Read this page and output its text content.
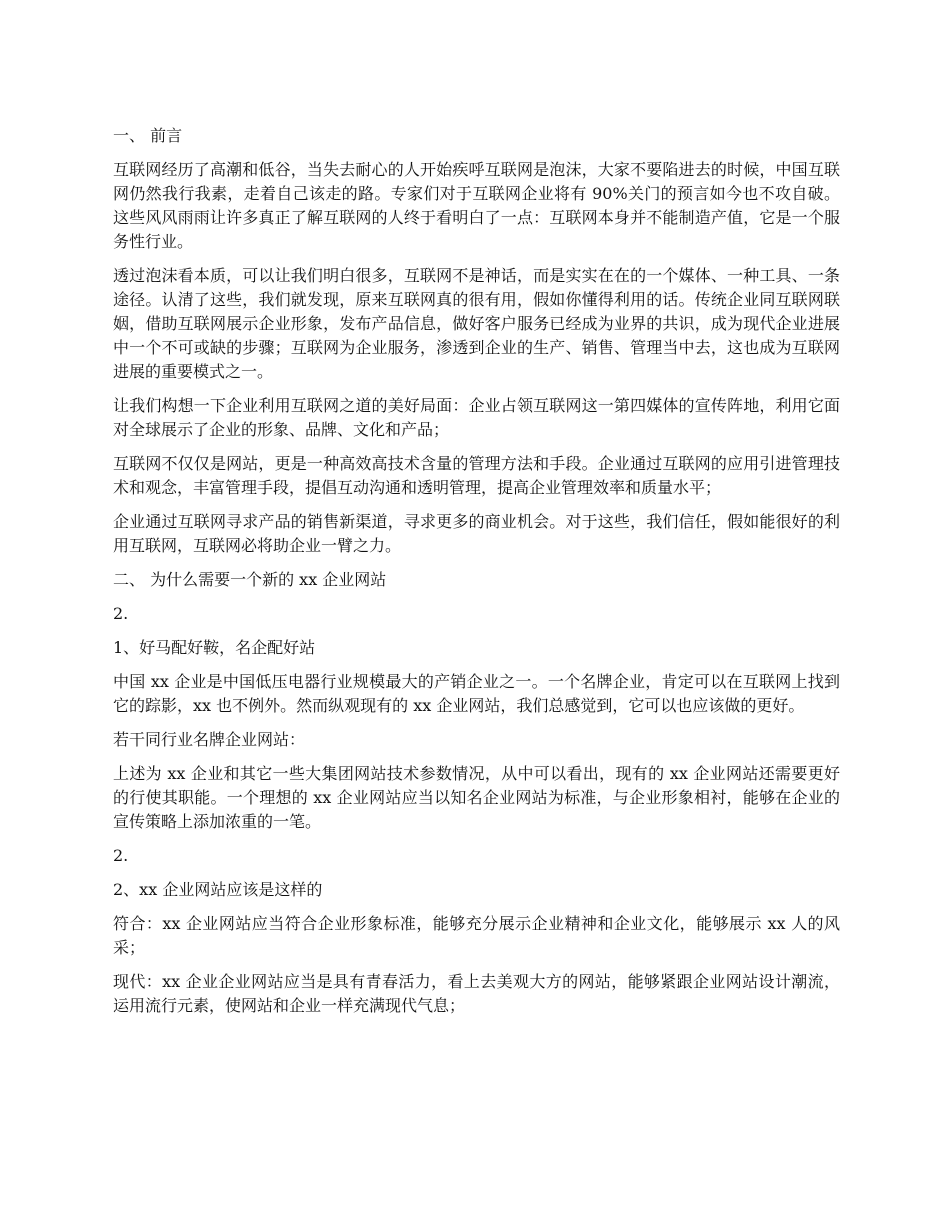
一、 前言

互联网经历了高潮和低谷，当失去耐心的人开始疾呼互联网是泡沫，大家不要陷进去的时候，中国互联网仍然我行我素，走着自己该走的路。专家们对于互联网企业将有 90%关门的预言如今也不攻自破。这些风风雨雨让许多真正了解互联网的人终于看明白了一点：互联网本身并不能制造产值，它是一个服务性行业。

透过泡沫看本质，可以让我们明白很多，互联网不是神话，而是实实在在的一个媒体、一种工具、一条途径。认清了这些，我们就发现，原来互联网真的很有用，假如你懂得利用的话。传统企业同互联网联姻，借助互联网展示企业形象，发布产品信息，做好客户服务已经成为业界的共识，成为现代企业进展中一个不可或缺的步骤；互联网为企业服务，渗透到企业的生产、销售、管理当中去，这也成为互联网进展的重要模式之一。

让我们构想一下企业利用互联网之道的美好局面：企业占领互联网这一第四媒体的宣传阵地，利用它面对全球展示了企业的形象、品牌、文化和产品；

互联网不仅仅是网站，更是一种高效高技术含量的管理方法和手段。企业通过互联网的应用引进管理技术和观念，丰富管理手段，提倡互动沟通和透明管理，提高企业管理效率和质量水平；

企业通过互联网寻求产品的销售新渠道，寻求更多的商业机会。对于这些，我们信任，假如能很好的利用互联网，互联网必将助企业一臂之力。

二、 为什么需要一个新的 xx 企业网站

2.

1、好马配好鞍，名企配好站

中国 xx 企业是中国低压电器行业规模最大的产销企业之一。一个名牌企业，肯定可以在互联网上找到它的踪影，xx 也不例外。然而纵观现有的 xx 企业网站，我们总感觉到，它可以也应该做的更好。

若干同行业名牌企业网站：

上述为 xx 企业和其它一些大集团网站技术参数情况，从中可以看出，现有的 xx 企业网站还需要更好的行使其职能。一个理想的 xx 企业网站应当以知名企业网站为标准，与企业形象相衬，能够在企业的宣传策略上添加浓重的一笔。

2.

2、xx 企业网站应该是这样的

符合：xx 企业网站应当符合企业形象标准，能够充分展示企业精神和企业文化，能够展示 xx 人的风采；

现代：xx 企业企业网站应当是具有青春活力，看上去美观大方的网站，能够紧跟企业网站设计潮流，运用流行元素，使网站和企业一样充满现代气息；
